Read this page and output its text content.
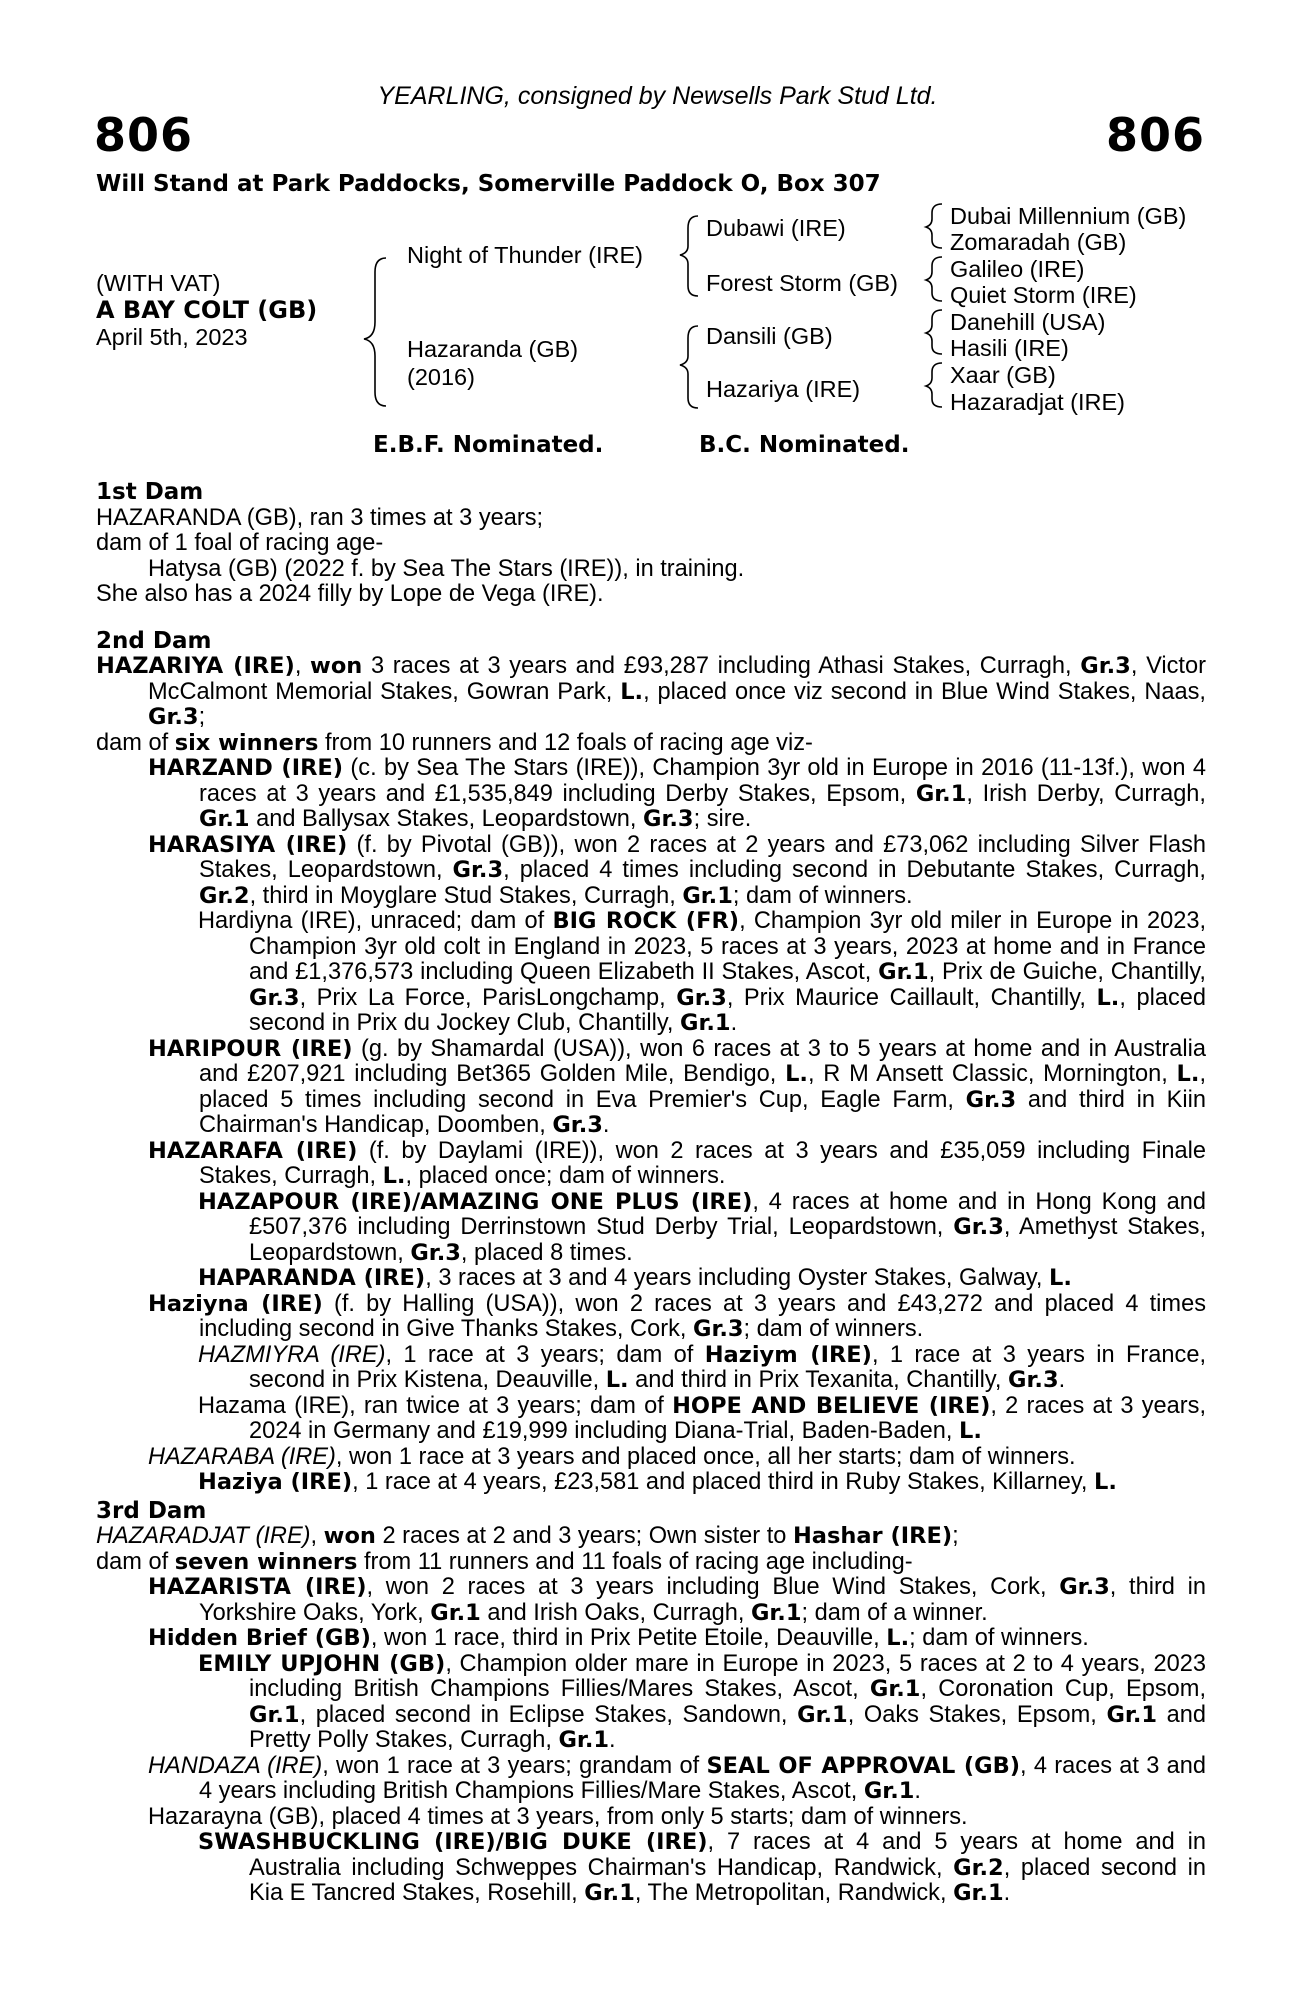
YEARLING, consigned by Newsells Park Stud Ltd.
806	806
Will Stand at Park Paddocks, Somerville Paddock O, Box 307
(WITH VAT)
A BAY COLT (GB)
April 5th, 2023
Night of Thunder (IRE)
Hazaranda (GB)
(2016)
Dubawi (IRE)
Forest Storm (GB)
Dansili (GB)
Hazariya (IRE)
Dubai Millennium (GB)
Zomaradah (GB)
Galileo (IRE)
Quiet Storm (IRE)
Danehill (USA)
Hasili (IRE)
Xaar (GB)
Hazaradjat (IRE)
E.B.F. Nominated.	B.C. Nominated.

1st Dam

HAZARANDA (GB), ran 3 times at 3 years;

dam of 1 foal of racing age-

Hatysa (GB) (2022 f. by Sea The Stars (IRE)), in training.

She also has a 2024 filly by Lope de Vega (IRE).

2nd Dam

HAZARIYA (IRE), won 3 races at 3 years and £93,287 including Athasi Stakes, Curragh, Gr.3, Victor McCalmont Memorial Stakes, Gowran Park, L., placed once viz second in Blue Wind Stakes, Naas, Gr.3;

dam of six winners from 10 runners and 12 foals of racing age viz-

HARZAND (IRE) (c. by Sea The Stars (IRE)), Champion 3yr old in Europe in 2016 (11-13f.), won 4 races at 3 years and £1,535,849 including Derby Stakes, Epsom, Gr.1, Irish Derby, Curragh, Gr.1 and Ballysax Stakes, Leopardstown, Gr.3; sire.

HARASIYA (IRE) (f. by Pivotal (GB)), won 2 races at 2 years and £73,062 including Silver Flash Stakes, Leopardstown, Gr.3, placed 4 times including second in Debutante Stakes, Curragh, Gr.2, third in Moyglare Stud Stakes, Curragh, Gr.1; dam of winners.

Hardiyna (IRE), unraced; dam of BIG ROCK (FR), Champion 3yr old miler in Europe in 2023, Champion 3yr old colt in England in 2023, 5 races at 3 years, 2023 at home and in France and £1,376,573 including Queen Elizabeth II Stakes, Ascot, Gr.1, Prix de Guiche, Chantilly, Gr.3, Prix La Force, ParisLongchamp, Gr.3, Prix Maurice Caillault, Chantilly, L., placed second in Prix du Jockey Club, Chantilly, Gr.1.

HARIPOUR (IRE) (g. by Shamardal (USA)), won 6 races at 3 to 5 years at home and in Australia and £207,921 including Bet365 Golden Mile, Bendigo, L., R M Ansett Classic, Mornington, L., placed 5 times including second in Eva Premier's Cup, Eagle Farm, Gr.3 and third in Kiin Chairman's Handicap, Doomben, Gr.3.

HAZARAFA (IRE) (f. by Daylami (IRE)), won 2 races at 3 years and £35,059 including Finale Stakes, Curragh, L., placed once; dam of winners.

HAZAPOUR (IRE)/AMAZING ONE PLUS (IRE), 4 races at home and in Hong Kong and £507,376 including Derrinstown Stud Derby Trial, Leopardstown, Gr.3, Amethyst Stakes, Leopardstown, Gr.3, placed 8 times.

HAPARANDA (IRE), 3 races at 3 and 4 years including Oyster Stakes, Galway, L.

Haziyna (IRE) (f. by Halling (USA)), won 2 races at 3 years and £43,272 and placed 4 times including second in Give Thanks Stakes, Cork, Gr.3; dam of winners.

HAZMIYRA (IRE), 1 race at 3 years; dam of Haziym (IRE), 1 race at 3 years in France, second in Prix Kistena, Deauville, L. and third in Prix Texanita, Chantilly, Gr.3.

Hazama (IRE), ran twice at 3 years; dam of HOPE AND BELIEVE (IRE), 2 races at 3 years, 2024 in Germany and £19,999 including Diana-Trial, Baden-Baden, L.

HAZARABA (IRE), won 1 race at 3 years and placed once, all her starts; dam of winners.

Haziya (IRE), 1 race at 4 years, £23,581 and placed third in Ruby Stakes, Killarney, L.

3rd Dam

HAZARADJAT (IRE), won 2 races at 2 and 3 years; Own sister to Hashar (IRE);

dam of seven winners from 11 runners and 11 foals of racing age including-

HAZARISTA (IRE), won 2 races at 3 years including Blue Wind Stakes, Cork, Gr.3, third in Yorkshire Oaks, York, Gr.1 and Irish Oaks, Curragh, Gr.1; dam of a winner.

Hidden Brief (GB), won 1 race, third in Prix Petite Etoile, Deauville, L.; dam of winners.

EMILY UPJOHN (GB), Champion older mare in Europe in 2023, 5 races at 2 to 4 years, 2023 including British Champions Fillies/Mares Stakes, Ascot, Gr.1, Coronation Cup, Epsom, Gr.1, placed second in Eclipse Stakes, Sandown, Gr.1, Oaks Stakes, Epsom, Gr.1 and Pretty Polly Stakes, Curragh, Gr.1.

HANDAZA (IRE), won 1 race at 3 years; grandam of SEAL OF APPROVAL (GB), 4 races at 3 and 4 years including British Champions Fillies/Mare Stakes, Ascot, Gr.1.

Hazarayna (GB), placed 4 times at 3 years, from only 5 starts; dam of winners.

SWASHBUCKLING (IRE)/BIG DUKE (IRE), 7 races at 4 and 5 years at home and in Australia including Schweppes Chairman's Handicap, Randwick, Gr.2, placed second in Kia E Tancred Stakes, Rosehill, Gr.1, The Metropolitan, Randwick, Gr.1.
